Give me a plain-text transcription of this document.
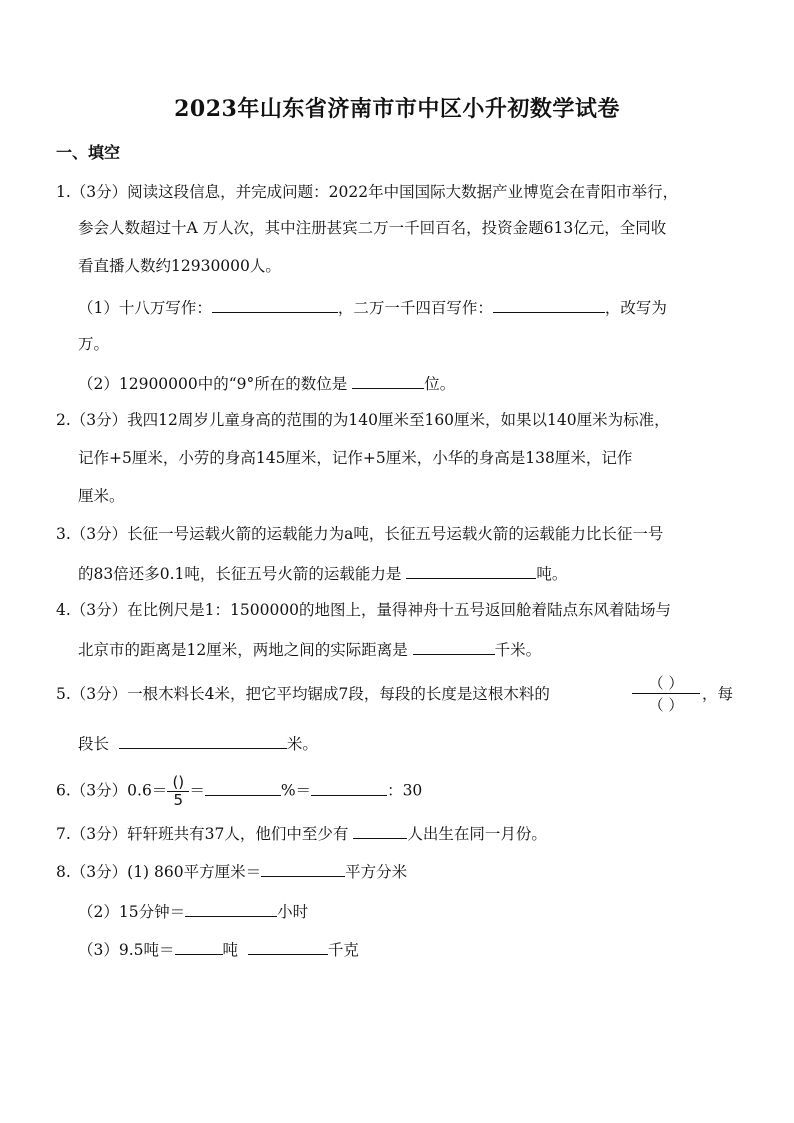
2023年山东省济南市市中区小升初数学试卷
一、填空
1.（3分）阅读这段信息，并完成问题：2022年中国国际大数据产业博览会在青阳市举行，
参会人数超过十A 万人次，其中注册甚宾二万一千回百名，投资金题613亿元，全同收
看直播人数约12930000人。
（1）十八万写作：	，二万一千四百写作：	，改写为
万。
（2）12900000中的“9°所在的数位是	位。
2.（3分）我四12周岁儿童身高的范围的为140厘米至160厘米，如果以140厘米为标准，
记作+5厘米，小劳的身高145厘米，记作+5厘米，小华的身高是138厘米，记作
厘米。
3.（3分）长征一号运载火箭的运载能力为a吨，长征五号运载火箭的运载能力比长征一号
的83倍还多0.1吨，长征五号火箭的运载能力是	吨。
4.（3分）在比例尺是1：1500000的地图上，量得神舟十五号返回舱着陆点东风着陆场与
北京市的距离是12厘米，两地之间的实际距离是	千米。
5.（3分）一根木料长4米，把它平均锯成7段，每段的长度是这根木料的
（ ）
（ ）
，每
段长	米。
6.（3分）0.6＝ ()
5
＝	%＝	：30
7.（3分）轩轩班共有37人，他们中至少有	人出生在同一月份。
8.（3分）(1) 860平方厘米＝	平方分米
（2）15分钟＝	小时
（3）9.5吨＝	吨	千克
